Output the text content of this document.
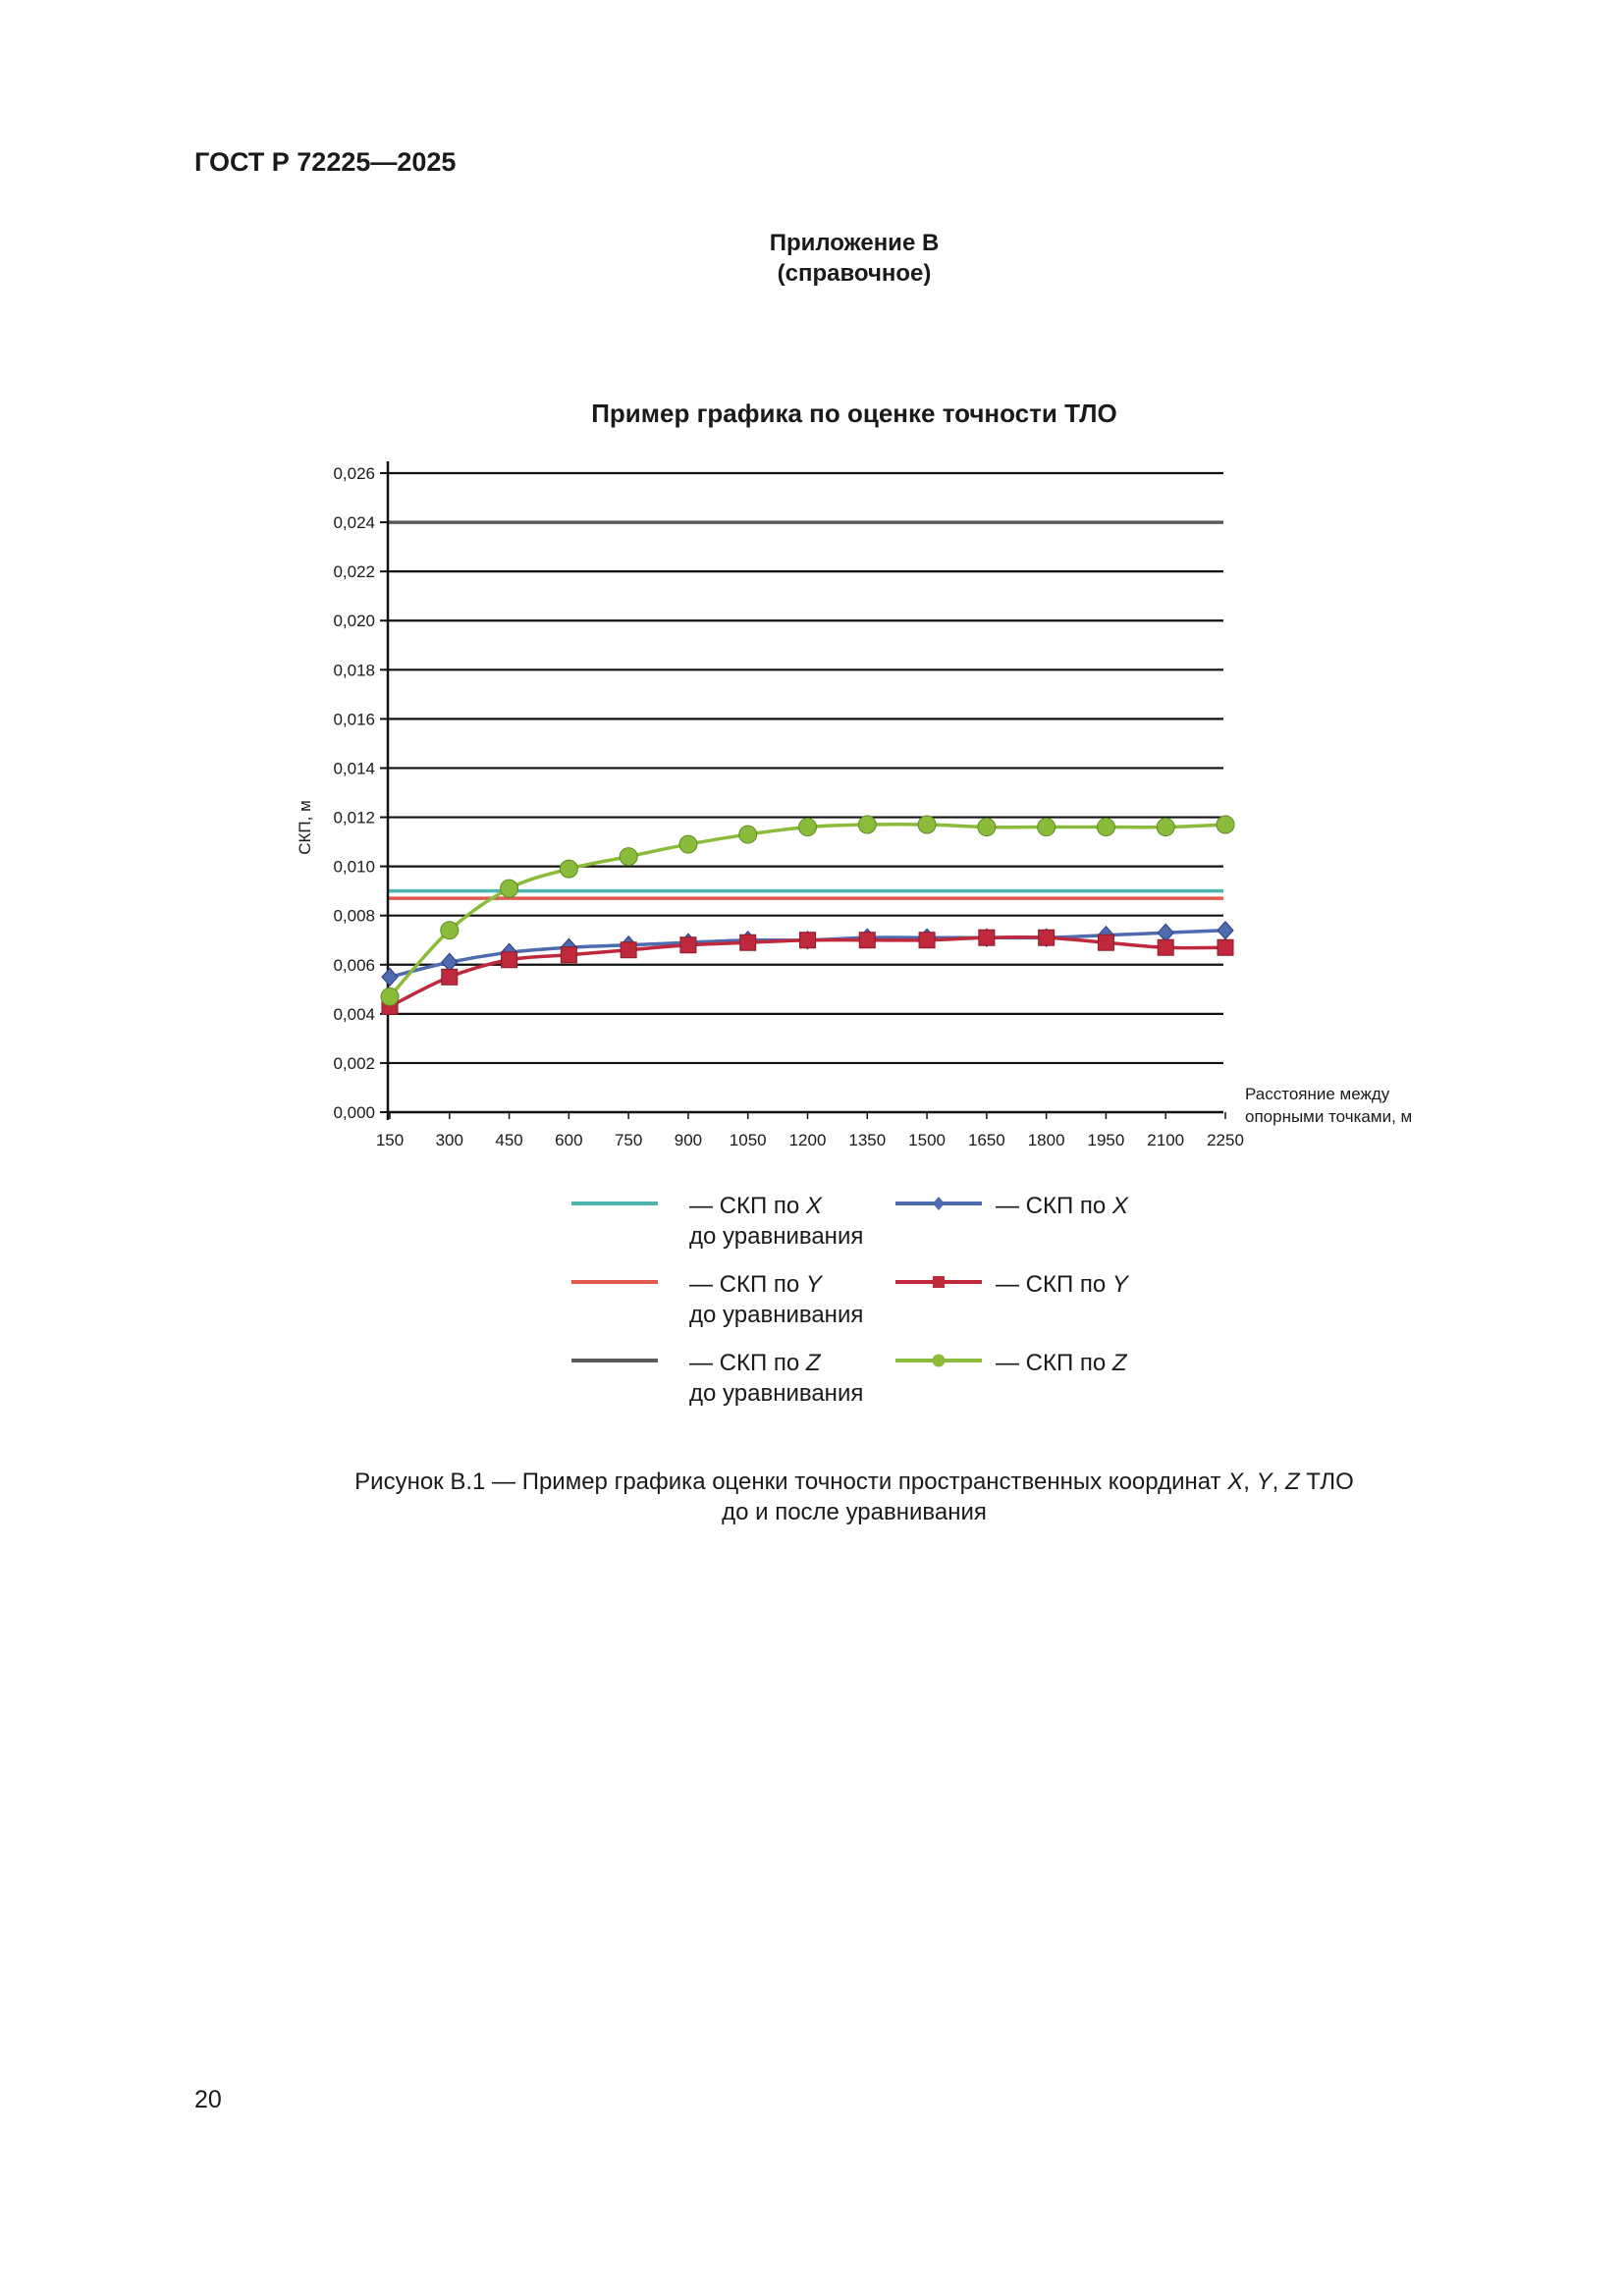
ГОСТ Р 72225—2025
Приложение В
(справочное)
Пример графика по оценке точности ТЛО
0,000
0,002
0,004
0,006
0,008
0,010
0,012
0,014
0,016
0,018
0,020
0,022
0,024
0,026
150 300 450 600 750 900 1050 1200 1350 1500 1650 1800 1950 2100 2250
СКП, м
Расстояние между
опорными точками, м
— СКП по X
до уравнивания
— СКП по Y
до уравнивания
— СКП по Z
до уравнивания
— СКП по X
— СКП по Y
— СКП по Z
Рисунок В.1 — Пример графика оценки точности пространственных координат X, Y, Z ТЛО
до и после уравнивания
20
